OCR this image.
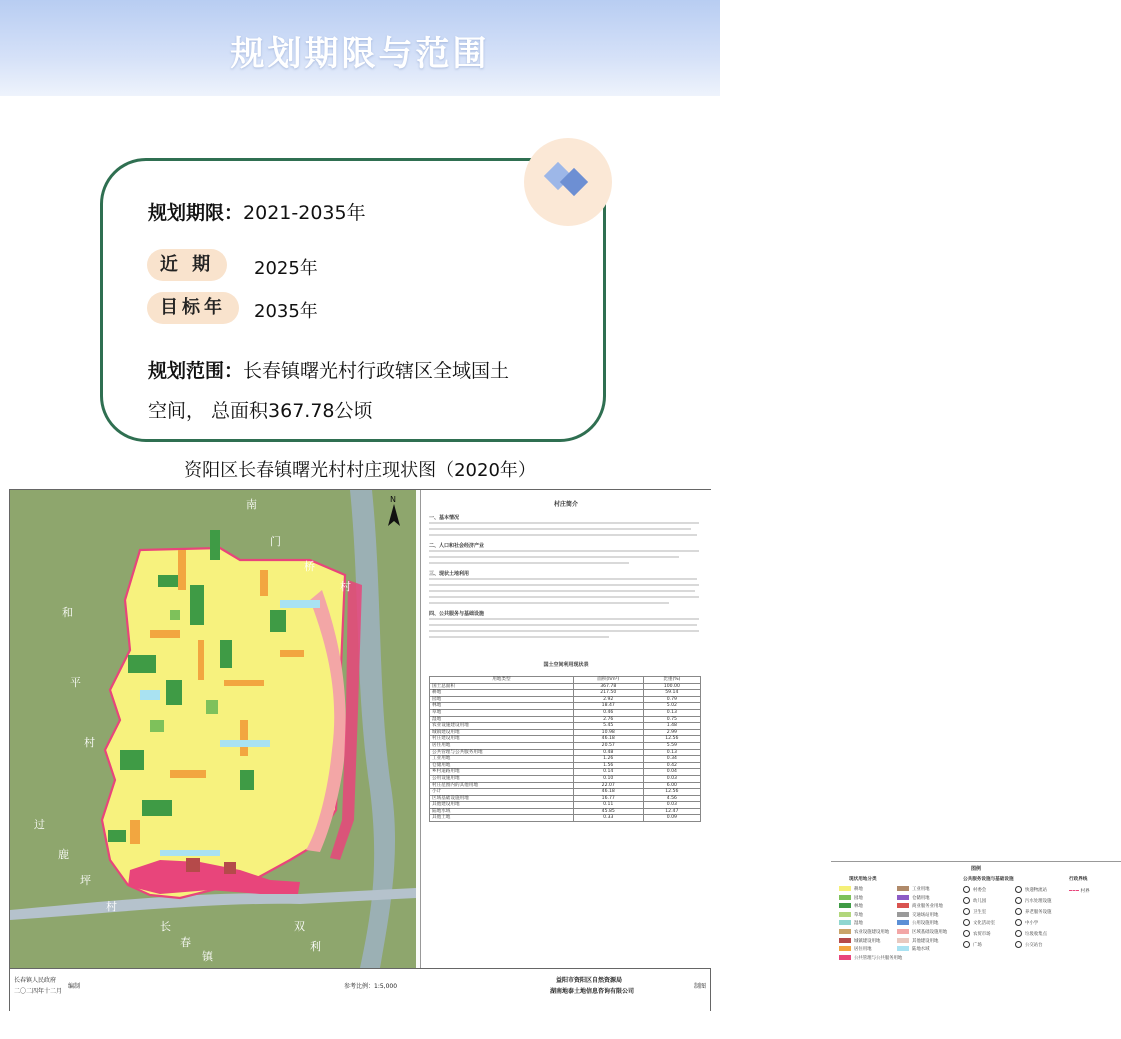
规划期限与范围
规划期限：2021-2035年
近 期	2025年
目标年	2035年
规划范围：长春镇曙光村行政辖区全域国土
空间， 总面积367.78公顷
资阳区长春镇曙光村村庄现状图（2020年）
南
门
桥
村
和
平
村
过
鹿
坪
村
长
春
镇
双
利
N
村庄简介
一、基本情况
二、人口和社会经济产业
三、现状土地利用
四、公共服务与基础设施
国土空间利用现状表
用地类型	面积(hm²)	比重(%)
国土总面积	367.78	100.00
耕地	217.50	59.14
园地	2.92	0.79
林地	18.47	5.02
草地	0.46	0.13
湿地	2.76	0.75
农业设施建设用地	5.45	1.48
城镇建设用地	10.98	2.99
村庄建设用地	46.18	12.56
居住用地	20.57	5.59
公共管理与公共服务用地	0.48	0.13
工业用地	1.26	0.34
仓储用地	1.56	0.42
乡村道路用地	0.14	0.04
公用设施用地	0.10	0.03
村庄范围内的其他用地	22.07	6.00
小计	46.18	12.56
区域基础设施用地	16.77	4.56
其他建设用地	0.11	0.03
陆地水域	45.85	12.47
其他土地	0.33	0.09
图例
现状用地分类	公共服务设施与基础设施	行政界线
村界
耕地
园地
林地
草地
湿地
农业设施建设用地
城镇建设用地
居住用地
公共管理与公共服务用地
工业用地
仓储用地
商业服务业用地
交通场站用地
公用设施用地
区域基础设施用地
其他建设用地
陆地水域
村委会
幼儿园
卫生室
文化活动室
农贸市场
广场
快递物流站
污水处理设施
养老服务设施
中小学
垃圾收集点
公交站台
长春镇人民政府
二〇二四年十二月
编制	参考比例：1:5,000
益阳市资阳区自然资源局
湖南地泰土地信息咨询有限公司
制图
